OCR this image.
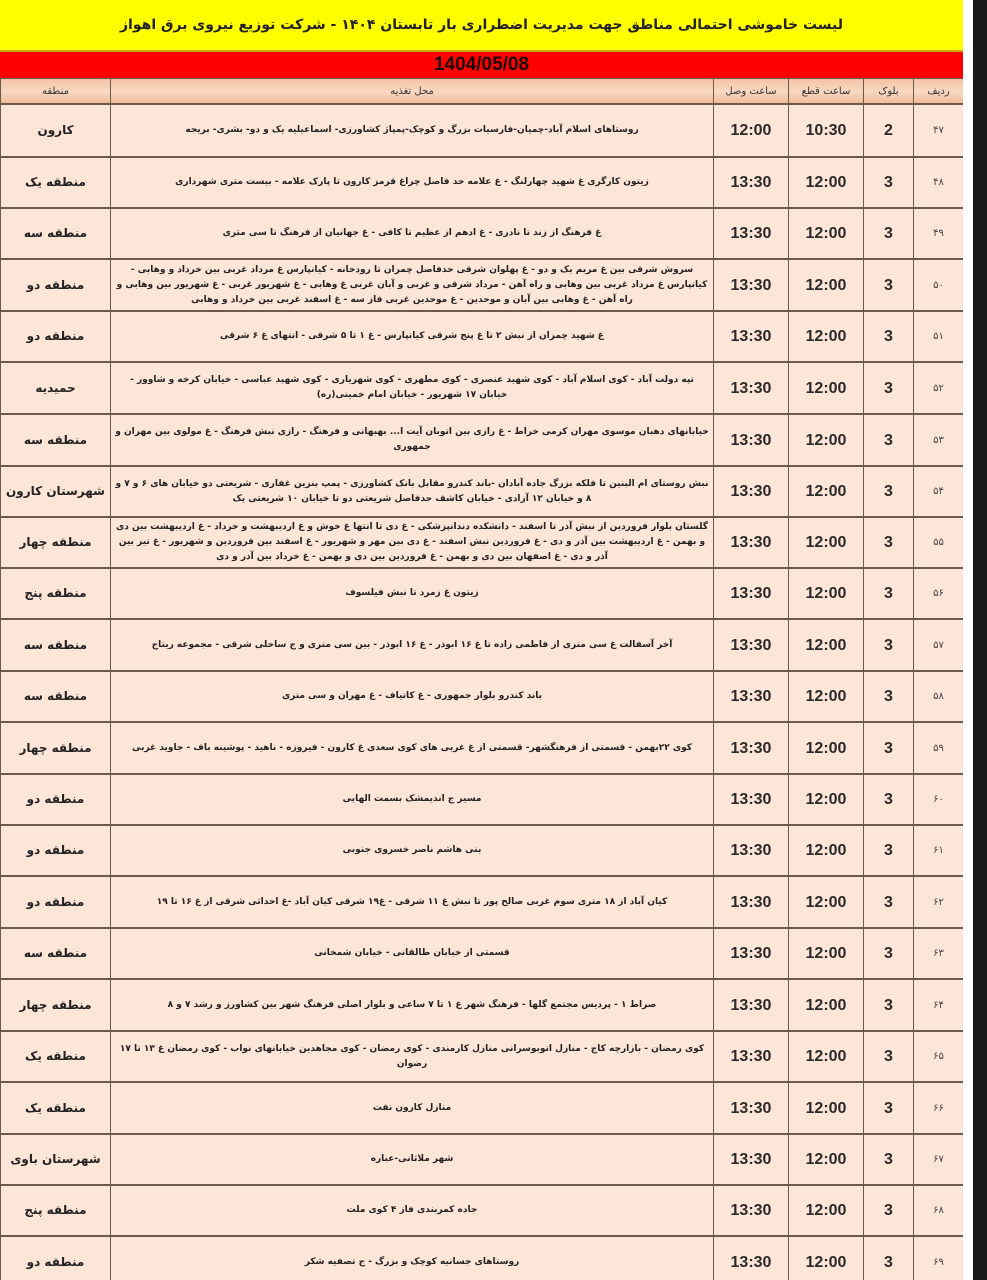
لیست خاموشی احتمالی مناطق جهت مدیریت اضطراری بار تابستان ۱۴۰۴ - شرکت توزیع نیروی برق اهواز
1404/05/08
ردیف	بلوک	ساعت قطع	ساعت وصل	محل تغذیه	منطقه
۴۷	2	10:30	12:00	روستاهای اسلام آباد-چمیان-فارسیات بزرگ و کوچک-پمپاژ کشاورزی- اسماعیلیه یک و دو- بشری- بریجه	کارون
۴۸	3	12:00	13:30	زیتون کارگری غ شهید چهارلنگ - غ علامه حد فاصل چراغ قرمز کارون تا پارک علامه - بیست متری شهرداری	منطقه یک
۴۹	3	12:00	13:30	غ فرهنگ از زند تا نادری - غ ادهم از عظیم تا کافی - غ جهانیان از فرهنگ تا سی متری	منطقه سه
۵۰	3	12:00	13:30	سروش شرقی بین غ مریم یک و دو - غ پهلوان شرقی حدفاصل چمران تا رودخانه - کیانپارس غ مرداد غربی بین خرداد و وهابی - کیانپارس غ مرداد غربی بین وهابی و راه آهن - مرداد شرقی و غربی و آبان غربی غ وهابی - غ شهریور غربی - غ شهریور بین وهابی و راه آهن - غ وهابی بین آبان و موحدین - غ موحدین غربی فاز سه - غ اسفند غربی بین خرداد و وهابی	منطقه دو
۵۱	3	12:00	13:30	غ شهید چمران از نبش ۲ تا غ پنج شرقی کیانپارس - غ ۱ تا ۵ شرقی - انتهای غ ۶ شرقی	منطقه دو
۵۲	3	12:00	13:30	تپه دولت آباد - کوی اسلام آباد - کوی شهید عنصری - کوی مطهری - کوی شهریاری - کوی شهید عباسی - خیابان کرخه و شاوور - خیابان ۱۷ شهریور - خیابان امام خمینی(ره)	حمیدیه
۵۳	3	12:00	13:30	خیابانهای دهبان موسوی مهران کرمی خراط - غ رازی بین اتوبان آیت ا... بهبهانی و فرهنگ - رازی نبش فرهنگ - غ مولوی بین مهران و جمهوری	منطقه سه
۵۴	3	12:00	13:30	نبش روستای ام البنین تا فلکه بزرگ جاده آبادان -باند کندرو مقابل بانک کشاورزی - پمپ بنزین غفاری - شریعتی دو خیابان های ۶ و ۷ و ۸ و خیابان ۱۲ آزادی - خیابان کاشف حدفاصل شریعتی دو تا خیابان ۱۰ شریعتی یک	شهرستان کارون
۵۵	3	12:00	13:30	گلستان بلوار فروردین از نبش آذر تا اسفند - دانشکده دندانپزشکی - غ دی تا انتها غ خوش و غ اردیبهشت و خرداد - غ اردیبهشت بین دی و بهمن - غ اردیبهشت بین آذر و دی - غ فروردین نبش اسفند - غ دی بین مهر و شهریور - غ اسفند بین فروردین و شهریور - غ تیر بین آذر و دی - غ اصفهان بین دی و بهمن - غ فروردین بین دی و بهمن - غ خرداد بین آذر و دی	منطقه چهار
۵۶	3	12:00	13:30	زیتون غ زمرد تا نبش فیلسوف	منطقه پنج
۵۷	3	12:00	13:30	آخر آسفالت غ سی متری از فاطمی زاده تا غ ۱۶ ابوذر - غ ۱۶ ابوذر - بین سی متری و ج ساحلی شرقی - مجموعه ریتاج	منطقه سه
۵۸	3	12:00	13:30	باند کندرو بلوار جمهوری - غ کاتیاف - غ مهران و سی متری	منطقه سه
۵۹	3	12:00	13:30	کوی ۲۲بهمن - قسمتی از فرهنگشهر- قسمتی از غ غربی های کوی سعدی غ کارون - فیروزه - ناهید - پوشینه باف - جاوید غربی	منطقه چهار
۶۰	3	12:00	13:30	مسیر ج اندیمشک بسمت الهایی	منطقه دو
۶۱	3	12:00	13:30	بنی هاشم ناصر خسروی جنوبی	منطقه دو
۶۲	3	12:00	13:30	کیان آباد از ۱۸ متری سوم غربی صالح پور تا نبش غ ۱۱ شرقی - غ۱۹ شرقی کیان آباد -غ احداثی شرقی از غ ۱۶ تا ۱۹	منطقه دو
۶۳	3	12:00	13:30	قسمتی از خیابان طالقانی - خیابان شمخانی	منطقه سه
۶۴	3	12:00	13:30	صراط ۱ - پردیس مجتمع گلها - فرهنگ شهر غ ۱ تا ۷ ساعی و بلوار اصلی فرهنگ شهر بین کشاورز و رشد ۷ و ۸	منطقه چهار
۶۵	3	12:00	13:30	کوی رمضان - بازارچه کاج - منازل اتوبوسرانی منازل کارمندی - کوی رمضان - کوی مجاهدین خیابانهای نواب - کوی رمضان غ ۱۳ تا ۱۷ رضوان	منطقه یک
۶۶	3	12:00	13:30	منازل کارون نفت	منطقه یک
۶۷	3	12:00	13:30	شهر ملاثانی-عباره	شهرستان باوی
۶۸	3	12:00	13:30	جاده کمربندی فاز ۴ کوی ملت	منطقه پنج
۶۹	3	12:00	13:30	روستاهای جسانیه کوچک و بزرگ - ج تصفیه شکر	منطقه دو
